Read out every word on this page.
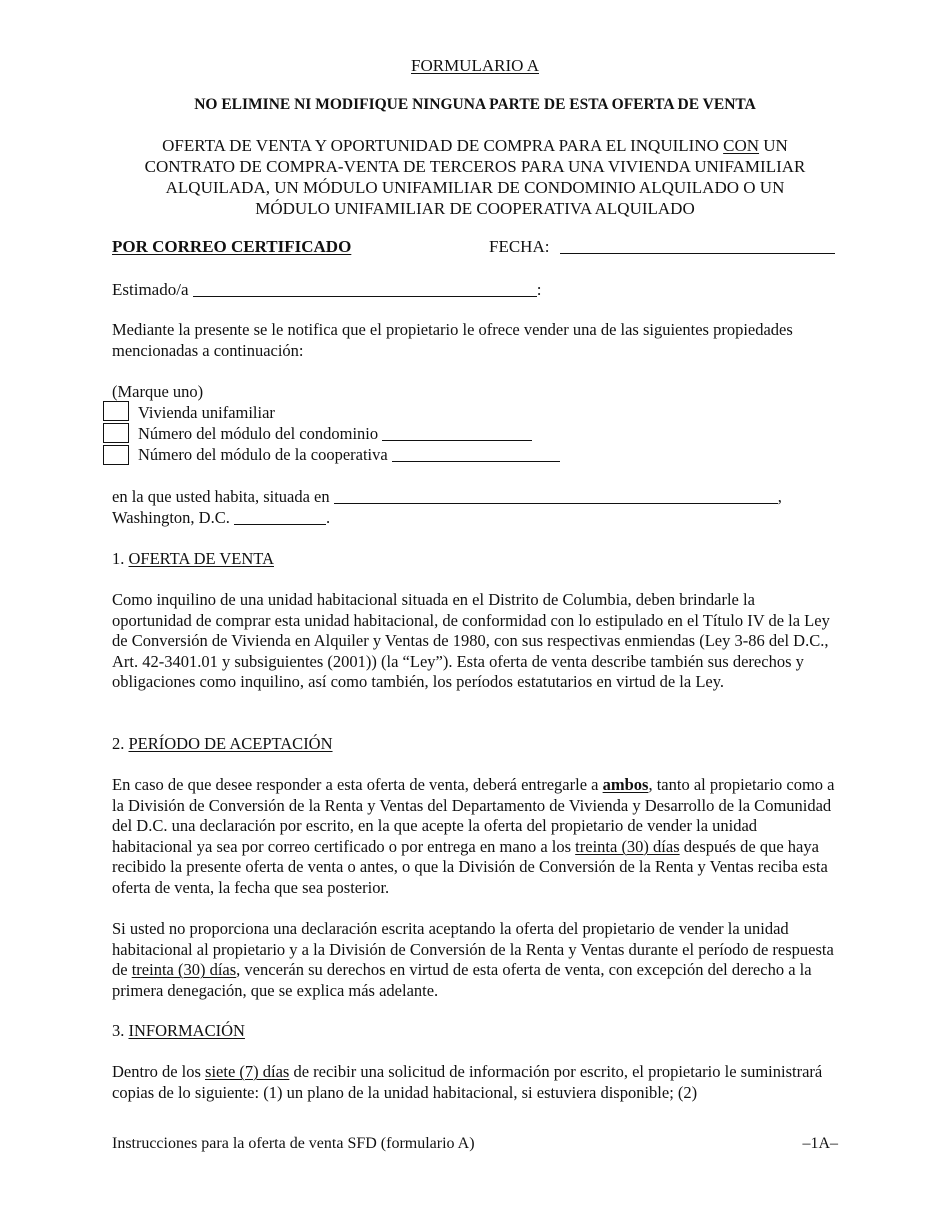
FORMULARIO A
NO ELIMINE NI MODIFIQUE NINGUNA PARTE DE ESTA OFERTA DE VENTA
OFERTA DE VENTA Y OPORTUNIDAD DE COMPRA PARA EL INQUILINO CON UN
CONTRATO DE COMPRA-VENTA DE TERCEROS PARA UNA VIVIENDA UNIFAMILIAR
ALQUILADA, UN MÓDULO UNIFAMILIAR DE CONDOMINIO ALQUILADO O UN
MÓDULO UNIFAMILIAR DE COOPERATIVA ALQUILADO
POR CORREO CERTIFICADO	FECHA:
Estimado/a	:
Mediante la presente se le notifica que el propietario le ofrece vender una de las siguientes propiedades mencionadas a continuación:
(Marque uno)
Vivienda unifamiliar
Número del módulo del condominio
Número del módulo de la cooperativa
en la que usted habita, situada en	,
Washington, D.C.	.
1. OFERTA DE VENTA
Como inquilino de una unidad habitacional situada en el Distrito de Columbia, deben brindarle la oportunidad de comprar esta unidad habitacional, de conformidad con lo estipulado en el Título IV de la Ley de Conversión de Vivienda en Alquiler y Ventas de 1980, con sus respectivas enmiendas (Ley 3-86 del D.C., Art. 42-3401.01 y subsiguientes (2001)) (la “Ley”). Esta oferta de venta describe también sus derechos y obligaciones como inquilino, así como también, los períodos estatutarios en virtud de la Ley.
2. PERÍODO DE ACEPTACIÓN
En caso de que desee responder a esta oferta de venta, deberá entregarle a ambos, tanto al propietario como a la División de Conversión de la Renta y Ventas del Departamento de Vivienda y Desarrollo de la Comunidad del D.C. una declaración por escrito, en la que acepte la oferta del propietario de vender la unidad habitacional ya sea por correo certificado o por entrega en mano a los treinta (30) días después de que haya recibido la presente oferta de venta o antes, o que la División de Conversión de la Renta y Ventas reciba esta oferta de venta, la fecha que sea posterior.
Si usted no proporciona una declaración escrita aceptando la oferta del propietario de vender la unidad habitacional al propietario y a la División de Conversión de la Renta y Ventas durante el período de respuesta de treinta (30) días, vencerán su derechos en virtud de esta oferta de venta, con excepción del derecho a la primera denegación, que se explica más adelante.
3. INFORMACIÓN
Dentro de los siete (7) días de recibir una solicitud de información por escrito, el propietario le suministrará copias de lo siguiente: (1) un plano de la unidad habitacional, si estuviera disponible; (2)
Instrucciones para la oferta de venta SFD (formulario A)	–1A–
